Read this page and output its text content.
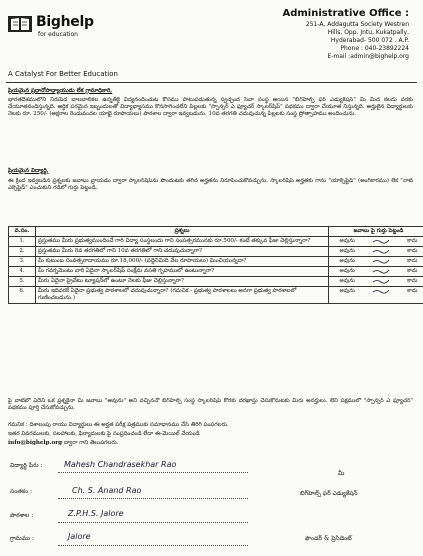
Bighelp
for education
A Catalyst For Better Education
Administrative Office :
251-A, Addagutta Society Westren
Hills, Opp. Jntu, Kukatpally,
Hyderabad- 500 072 . A.P.
Phone : 040-23892224
E-mail :admin@bighelp.org
ప్రియమైన ప్రధానోపాధ్యాయుడు లేక గ్రామాధికారి,
భారతదేశములోని నిరుపేద బాలబాలికల ఉన్నతికై విద్యనందించుట కోసము పాటుపడుతున్న స్వచ్ఛంద సేవా సంస్థ అయిన "బిగ్‌హెల్ప్ ఫర్ ఎడ్యుకేషన్" మీ మీద కలదు వరకు చేయూతనందిస్తున్నది. ఆర్థిక పరమైన ఇబ్బందులతో విద్యాభ్యాసము కొనసాగించలేని పిల్లలకు "స్పాన్సర్ ఎ ఫ్యూచర్ స్కాలర్‌షిప్" పథకము ద్వారా చేయూత నిస్తున్నది. అర్హులైన విద్యార్థులకు నెలకు రూ. 250/- (అక్షరాల రెండువందల యాభై రూపాయలు) పాఠశాల ద్వారా ఇవ్వబడును. 10వ తరగతి చదువుచున్న పిల్లలకు సంస్థ ప్రోత్సాహము అందించును.
ప్రియమైన విద్యార్థి,
ఈ క్రింద ఇవ్వబడిన ప్రశ్నలకు జవాబు వ్రాయడం ద్వారా స్కాలర్‌షిప్‌ను పొందుటకు తగిన అర్హతను నిరూపించుకోవచ్చును. స్కాలర్‌షిప్ అర్హతకు గాను "యాక్సెప్టెడ్" (అంగీకారము) లేక "నాట్ ఎక్సెప్టెడ్" ఎంచుకుని గడిలో గుర్తు పెట్టండి.
వ.సం.	ప్రశ్నలు	జవాబు పై గుర్తు పెట్టండి
1.	ప్రస్తుతము మీరు ప్రభుత్వముందించే గారి విద్యా సంస్థలందు గాని సంపత్సరమునకు రూ.500/- కంటే తక్కువ ఫీజు చెల్లిస్తున్నారా?	అవును కాదు

2.	ప్రస్తుతము మీరు 8వ తరగతిలో గాని 10వ తరగతిలో గాని చదువుచున్నారా?	అవును కాదు

3.	మీ కుటుంబ సంవత్సరాదాయము రూ.18,000/- (పద్దెనిమిది వేల రూపాయలు) మించియున్నదా?	అవును కాదు

4.	మీ గవర్నమెంటు వారి ఏదైనా స్కాలర్‌షిప్ సంక్షేమ వసతి గృహములో ఉంటున్నారా?	అవును కాదు

5.	మీరు ఏదైనా ప్రైవేటు ట్యూషన్‌లో ఉంటూ నెలకు ఫీజు చెల్లిస్తున్నారా?	అవును కాదు

6.	మీరు ఇదివరకే ఏదైనా ప్రభుత్వ పాఠశాలలో చదువుచున్నారా? (గమనిక - ప్రభుత్వ పాఠశాలలు అనగా ప్రభుత్వ పాఠశాలలో గుణించబడును.)	అవును కాదు
పై వాటిలో ఏదేని ఒక ప్రశ్నకైనా మీ జవాబు "అవును" అని వచ్చినచో బిగ్‌హెల్ప్ సంస్థ స్కాలర్‌షిప్ కొరకు దరఖాస్తు చేసుకొనుటకు మీరు అనర్హులు. లేని పక్షములో "స్పాన్సర్ ఎ ఫ్యూచర్" పథకము పూర్తి చేసుకోవచ్చును.
గమనిక : దిశాలంపు రాయు విద్యార్థులు ఈ అర్హత పరీక్ష పత్రముకు సమాధానము చేసి తిరిగి పంపగలరు.
ఇతర వివరములకు, సలహాలకు, ఫిర్యాదులకు పై సంప్రదించండి లేదా ఈ-మెయిల్ చేయండి
info@bighelp.org ద్వారా గాని తెలుపగలరు.
విద్యార్థి పేరు :	Mahesh Chandrasekhar Rao
సంతకం :	Ch. S. Anand Rao
పాఠశాల :	Z.P.H.S. Jalore
గ్రామము :	Jalore
మీ
బిగ్‌హెల్ప్ ఫర్ ఎడ్యుకేషన్
ఫౌండర్ & ప్రెసిడెంట్
